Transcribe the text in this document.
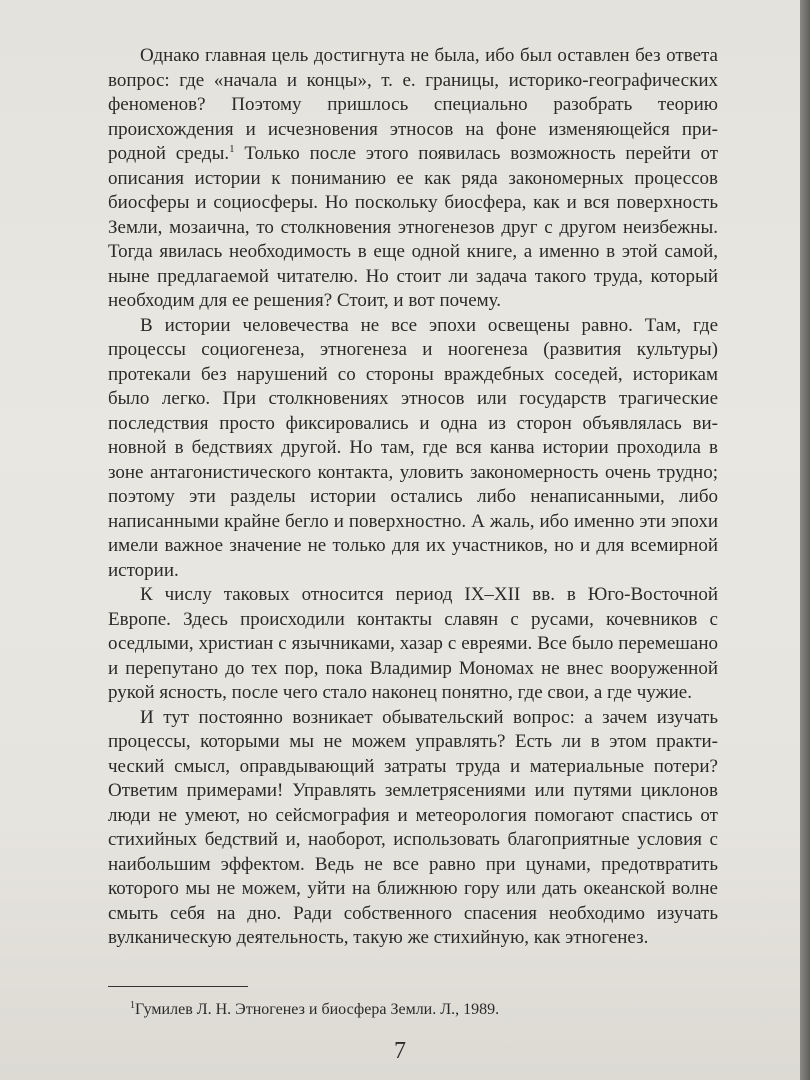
Однако главная цель достигнута не была, ибо был оставлен без ответа вопрос: где «начала и концы», т. е. границы, историко-географических феноменов? Поэтому пришлось специально разобрать теорию происхождения и исчезновения этносов на фоне изменяющейся природной среды.$^1$ Только после этого появилась возможность перейти от описания истории к пониманию ее как ряда закономерных процессов биосферы и социосферы. Но поскольку биосфера, как и вся поверхность Земли, мозаична, то столкновения этногенезов друг с другом неизбежны. Тогда явилась необходимость в еще одной книге, а именно в этой самой, ныне предлагаемой читателю. Но стоит ли задача такого труда, который необходим для ее решения? Стоит, и вот почему.

В истории человечества не все эпохи освещены равно. Там, где процессы социогенеза, этногенеза и ноогенеза (развития культуры) протекали без нарушений со стороны враждебных соседей, историкам было легко. При столкновениях этносов или государств трагические последствия просто фиксировались и одна из сторон объявлялась виновной в бедствиях другой. Но там, где вся канва истории проходила в зоне антагонистического контакта, уловить закономерность очень трудно; поэтому эти разделы истории остались либо ненаписанными, либо написанными крайне бегло и поверхностно. А жаль, ибо именно эти эпохи имели важное значение не только для их участников, но и для всемирной истории.

К числу таковых относится период IX–XII вв. в Юго-Восточной Европе. Здесь происходили контакты славян с русами, кочевников с оседлыми, христиан с язычниками, хазар с евреями. Все было перемешано и перепутано до тех пор, пока Владимир Мономах не внес вооруженной рукой ясность, после чего стало наконец понятно, где свои, а где чужие.

И тут постоянно возникает обывательский вопрос: а зачем изучать процессы, которыми мы не можем управлять? Есть ли в этом практический смысл, оправдывающий затраты труда и материальные потери? Ответим примерами! Управлять землетрясениями или путями циклонов люди не умеют, но сейсмография и метеорология помогают спастись от стихийных бедствий и, наоборот, использовать благоприятные условия с наибольшим эффектом. Ведь не все равно при цунами, предотвратить которого мы не можем, уйти на ближнюю гору или дать океанской волне смыть себя на дно. Ради собственного спасения необходимо изучать вулканическую деятельность, такую же стихийную, как этногенез.

$^1$Гумилев Л. Н. Этногенез и биосфера Земли. Л., 1989.
7
